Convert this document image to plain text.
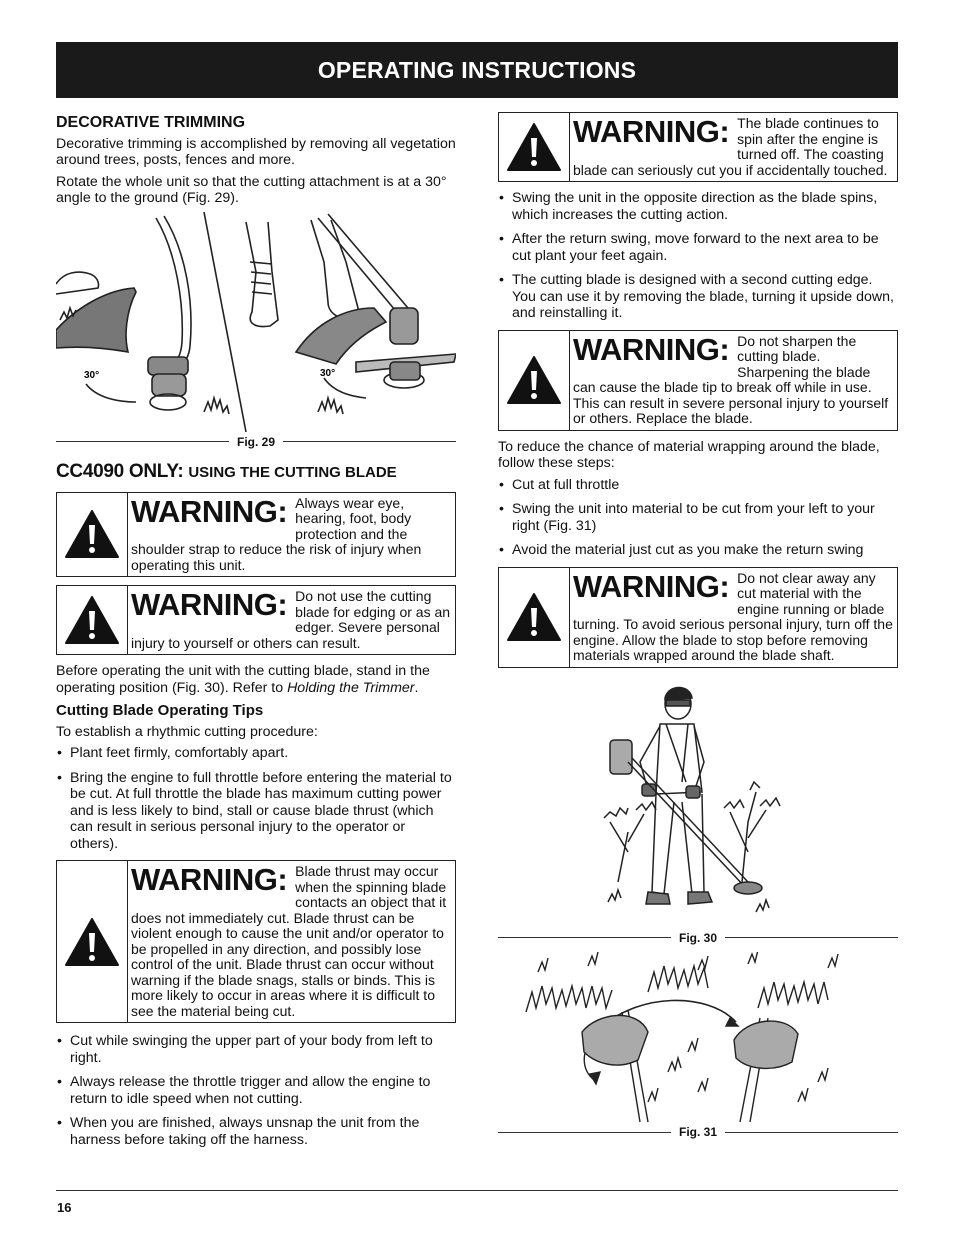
OPERATING INSTRUCTIONS
DECORATIVE TRIMMING

Decorative trimming is accomplished by removing all vegetation around trees, posts, fences and more.

Rotate the whole unit so that the cutting attachment is at a 30° angle to the ground (Fig. 29).

30°	30°
Fig. 29
CC4090 ONLY: USING THE CUTTING BLADE
WARNING: Always wear eye, hearing, foot, body protection and the shoulder strap to reduce the risk of injury when operating this unit.
WARNING: Do not use the cutting blade for edging or as an edger. Severe personal injury to yourself or others can result.

Before operating the unit with the cutting blade, stand in the operating position (Fig. 30). Refer to Holding the Trimmer.

Cutting Blade Operating Tips

To establish a rhythmic cutting procedure:

• Plant feet firmly, comfortably apart.
• Bring the engine to full throttle before entering the material to be cut. At full throttle the blade has maximum cutting power and is less likely to bind, stall or cause blade thrust (which can result in serious personal injury to the operator or others).
WARNING: Blade thrust may occur when the spinning blade contacts an object that it does not immediately cut. Blade thrust can be violent enough to cause the unit and/or operator to be propelled in any direction, and possibly lose control of the unit. Blade thrust can occur without warning if the blade snags, stalls or binds. This is more likely to occur in areas where it is difficult to see the material being cut.
• Cut while swinging the upper part of your body from left to right.
• Always release the throttle trigger and allow the engine to return to idle speed when not cutting.
• When you are finished, always unsnap the unit from the harness before taking off the harness.
WARNING: The blade continues to spin after the engine is turned off. The coasting blade can seriously cut you if accidentally touched.
• Swing the unit in the opposite direction as the blade spins, which increases the cutting action.
• After the return swing, move forward to the next area to be cut plant your feet again.
• The cutting blade is designed with a second cutting edge. You can use it by removing the blade, turning it upside down, and reinstalling it.
WARNING: Do not sharpen the cutting blade. Sharpening the blade can cause the blade tip to break off while in use. This can result in severe personal injury to yourself or others. Replace the blade.

To reduce the chance of material wrapping around the blade, follow these steps:

• Cut at full throttle
• Swing the unit into material to be cut from your left to your right (Fig. 31)
• Avoid the material just cut as you make the return swing
WARNING: Do not clear away any cut material with the engine running or blade turning. To avoid serious personal injury, turn off the engine. Allow the blade to stop before removing materials wrapped around the blade shaft.
Fig. 30
Fig. 31
16
